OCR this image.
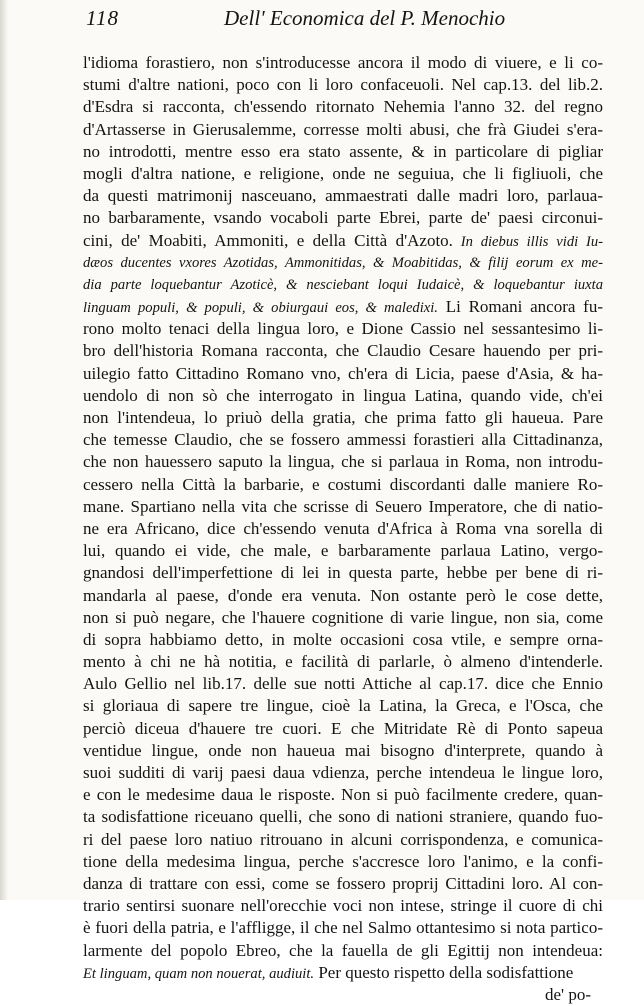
118	Dell' Economica del P. Menochio
l'idioma forastiero, non s'introducesse ancora il modo di viuere, e li co-
stumi d'altre nationi, poco con li loro confaceuoli. Nel cap.13. del lib.2.
d'Esdra si racconta, ch'essendo ritornato Nehemia l'anno 32. del regno
d'Artasserse in Gierusalemme, corresse molti abusi, che frà Giudei s'era-
no introdotti, mentre esso era stato assente, & in particolare di pigliar
mogli d'altra natione, e religione, onde ne seguiua, che li figliuoli, che
da questi matrimonij nasceuano, ammaestrati dalle madri loro, parlaua-
no barbaramente, vsando vocaboli parte Ebrei, parte de' paesi circonui-
cini, de' Moabiti, Ammoniti, e della Città d'Azoto. In diebus illis vidi Iu-
dæos ducentes vxores Azotidas, Ammonitidas, & Moabitidas, & filij eorum ex me-
dia parte loquebantur Azoticè, & nesciebant loqui Iudaicè, & loquebantur iuxta
linguam populi, & populi, & obiurgaui eos, & maledixi. Li Romani ancora fu-
rono molto tenaci della lingua loro, e Dione Cassio nel sessantesimo li-
bro dell'historia Romana racconta, che Claudio Cesare hauendo per pri-
uilegio fatto Cittadino Romano vno, ch'era di Licia, paese d'Asia, & ha-
uendolo di non sò che interrogato in lingua Latina, quando vide, ch'ei
non l'intendeua, lo priuò della gratia, che prima fatto gli haueua. Pare
che temesse Claudio, che se fossero ammessi forastieri alla Cittadinanza,
che non hauessero saputo la lingua, che si parlaua in Roma, non introdu-
cessero nella Città la barbarie, e costumi discordanti dalle maniere Ro-
mane. Spartiano nella vita che scrisse di Seuero Imperatore, che di natio-
ne era Africano, dice ch'essendo venuta d'Africa à Roma vna sorella di
lui, quando ei vide, che male, e barbaramente parlaua Latino, vergo-
gnandosi dell'imperfettione di lei in questa parte, hebbe per bene di ri-
mandarla al paese, d'onde era venuta. Non ostante però le cose dette,
non si può negare, che l'hauere cognitione di varie lingue, non sia, come
di sopra habbiamo detto, in molte occasioni cosa vtile, e sempre orna-
mento à chi ne hà notitia, e facilità di parlarle, ò almeno d'intenderle.
Aulo Gellio nel lib.17. delle sue notti Attiche al cap.17. dice che Ennio
si gloriaua di sapere tre lingue, cioè la Latina, la Greca, e l'Osca, che
perciò diceua d'hauere tre cuori. E che Mitridate Rè di Ponto sapeua
ventidue lingue, onde non haueua mai bisogno d'interprete, quando à
suoi sudditi di varij paesi daua vdienza, perche intendeua le lingue loro,
e con le medesime daua le risposte. Non si può facilmente credere, quan-
ta sodisfattione riceuano quelli, che sono di nationi straniere, quando fuo-
ri del paese loro natiuo ritrouano in alcuni corrispondenza, e comunica-
tione della medesima lingua, perche s'accresce loro l'animo, e la confi-
danza di trattare con essi, come se fossero proprij Cittadini loro. Al con-
trario sentirsi suonare nell'orecchie voci non intese, stringe il cuore di chi
è fuori della patria, e l'affligge, il che nel Salmo ottantesimo si nota partico-
larmente del popolo Ebreo, che la fauella de gli Egittij non intendeua:
Et linguam, quam non nouerat, audiuit. Per questo rispetto della sodisfattione
de' po-
